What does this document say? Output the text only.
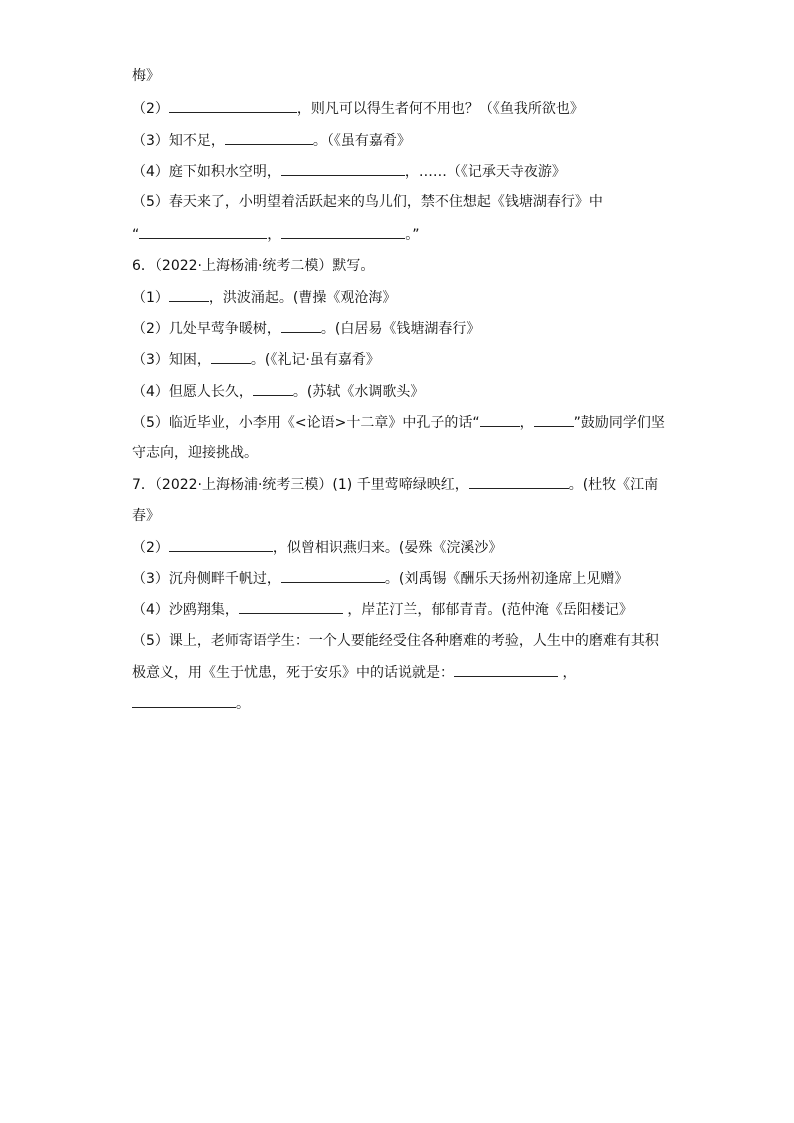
梅》
（2）	，则凡可以得生者何不用也？（《鱼我所欲也》
（3）知不足，	。（《虽有嘉肴》
（4）庭下如积水空明，	，……（《记承天寺夜游》
（5）春天来了，小明望着活跃起来的鸟儿们，禁不住想起《钱塘湖春行》中
“	，	。”
6．（2022·上海杨浦·统考二模）默写。
（1）	，洪波涌起。(曹操《观沧海》
（2）几处早莺争暖树，	。(白居易《钱塘湖春行》
（3）知困，	。(《礼记·虽有嘉肴》
（4）但愿人长久，	。(苏轼《水调歌头》
（5）临近毕业，小李用《<论语>十二章》中孔子的话“	，	”鼓励同学们坚
守志向，迎接挑战。
7．（2022·上海杨浦·统考三模）(1) 千里莺啼绿映红，	。(杜牧《江南
春》
（2）	，似曾相识燕归来。(晏殊《浣溪沙》
（3）沉舟侧畔千帆过，	。(刘禹锡《酬乐天扬州初逢席上见赠》
（4）沙鸥翔集，	，岸芷汀兰，郁郁青青。(范仲淹《岳阳楼记》
（5）课上，老师寄语学生：一个人要能经受住各种磨难的考验，人生中的磨难有其积
极意义，用《生于忧患，死于安乐》中的话说就是：	，
。
